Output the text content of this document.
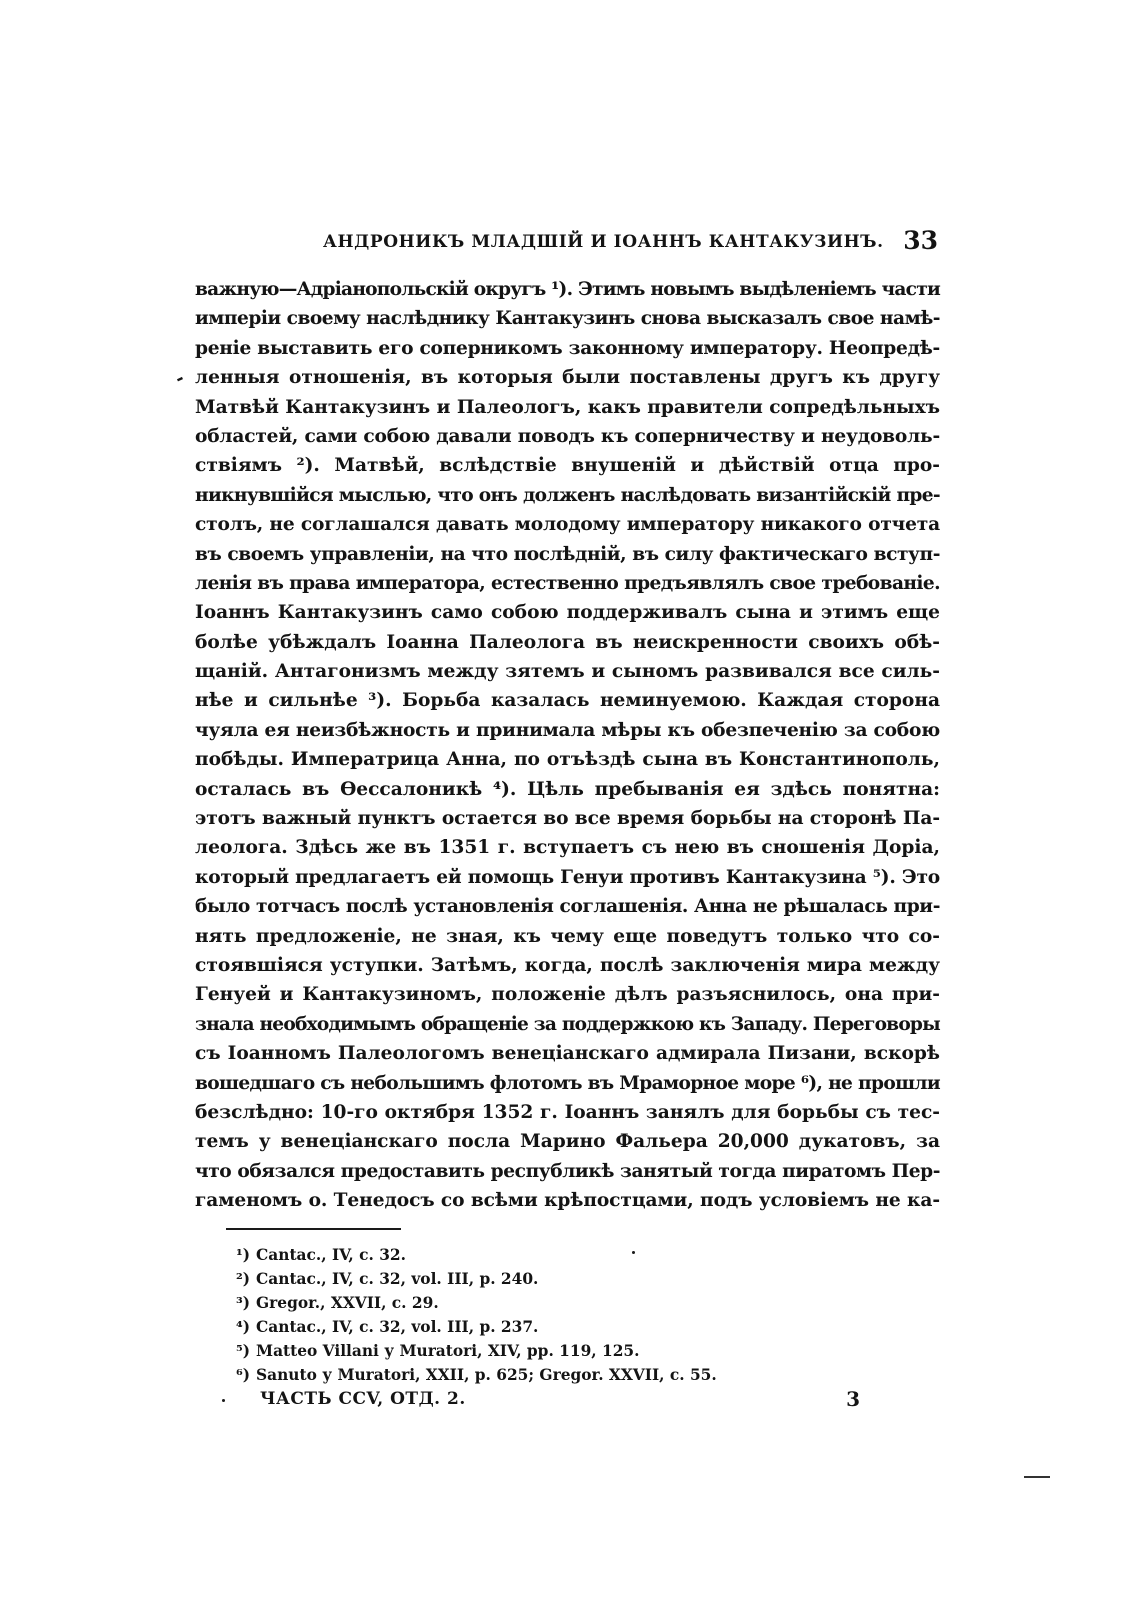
АНДРОНИКЪ МЛАДШІЙ И ІОАННЪ КАНТАКУЗИНЪ. 33
-
важную—Адріанопольскій округъ ¹). Этимъ новымъ выдѣленіемъ части
имперіи своему наслѣднику Кантакузинъ снова высказалъ свое намѣ-
реніе выставить его соперникомъ законному императору. Неопредѣ-
ленныя отношенія, въ которыя были поставлены другъ къ другу
Матвѣй Кантакузинъ и Палеологъ, какъ правители сопредѣльныхъ
областей, сами собою давали поводъ къ соперничеству и неудоволь-
ствіямъ ²). Матвѣй, вслѣдствіе внушеній и дѣйствій отца про-
никнувшійся мыслью, что онъ долженъ наслѣдовать византійскій пре-
столъ, не соглашался давать молодому императору никакого отчета
въ своемъ управленіи, на что послѣдній, въ силу фактическаго вступ-
ленія въ права императора, естественно предъявлялъ свое требованіе.
Іоаннъ Кантакузинъ само собою поддерживалъ сына и этимъ еще
болѣе убѣждалъ Іоанна Палеолога въ неискренности своихъ обѣ-
щаній. Антагонизмъ между зятемъ и сыномъ развивался все силь-
нѣе и сильнѣе ³). Борьба казалась неминуемою. Каждая сторона
чуяла ея неизбѣжность и принимала мѣры къ обезпеченію за собою
побѣды. Императрица Анна, по отъѣздѣ сына въ Константинополь,
осталась въ Ѳессалоникѣ ⁴). Цѣль пребыванія ея здѣсь понятна:
этотъ важный пунктъ остается во все время борьбы на сторонѣ Па-
леолога. Здѣсь же въ 1351 г. вступаетъ съ нею въ сношенія Доріа,
который предлагаетъ ей помощь Генуи противъ Кантакузина ⁵). Это
было тотчасъ послѣ установленія соглашенія. Анна не рѣшалась при-
нять предложеніе, не зная, къ чему еще поведутъ только что со-
стоявшіяся уступки. Затѣмъ, когда, послѣ заключенія мира между
Генуей и Кантакузиномъ, положеніе дѣлъ разъяснилось, она при-
знала необходимымъ обращеніе за поддержкою къ Западу. Переговоры
съ Іоанномъ Палеологомъ венеціанскаго адмирала Пизани, вскорѣ
вошедшаго съ небольшимъ флотомъ въ Мраморное море ⁶), не прошли
безслѣдно: 10-го октября 1352 г. Іоаннъ занялъ для борьбы съ тес-
темъ у венеціанскаго посла Марино Фальера 20,000 дукатовъ, за
что обязался предоставить республикѣ занятый тогда пиратомъ Пер-
гаменомъ о. Тенедосъ со всѣми крѣпостцами, подъ условіемъ не ка-
¹) Cantac., IV, c. 32.
²) Cantac., IV, c. 32, vol. III, p. 240.
³) Gregor., XXVII, c. 29.
⁴) Cantac., IV, c. 32, vol. III, p. 237.
⁵) Matteo Villani у Muratori, XIV, pp. 119, 125.
⁶) Sanuto у Muratori, XXII, p. 625; Gregor. XXVII, c. 55.
ЧАСТЬ CCV, ОТД. 2.	3
